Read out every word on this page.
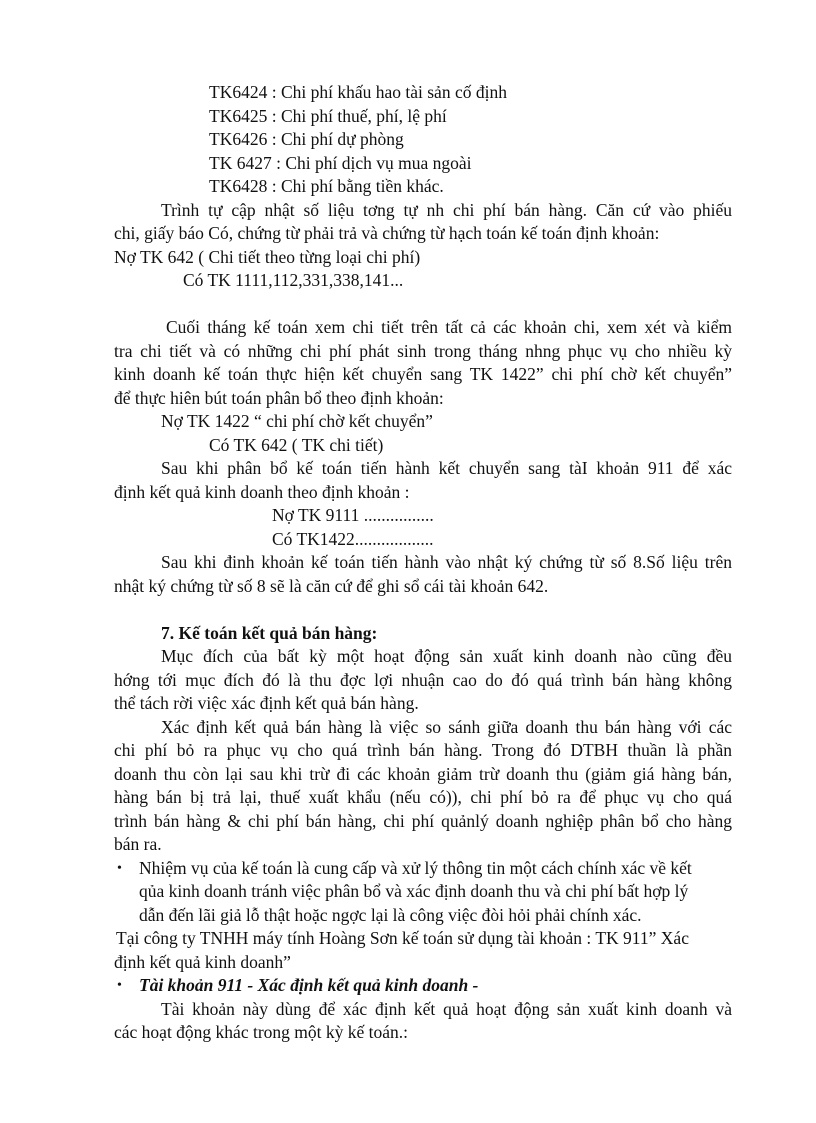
TK6424 : Chi phí khấu hao tài sản cố định
TK6425 : Chi phí thuế, phí, lệ phí
TK6426 : Chi phí dự phòng
TK 6427 : Chi phí dịch vụ mua ngoài
TK6428 : Chi phí bằng tiền khác.
Trình tự cập nhật số liệu tơng tự nh chi phí bán hàng. Căn cứ vào phiếu
chi, giấy báo Có, chứng từ phải trả và chứng từ hạch toán kế toán định khoản:
Nợ TK 642 ( Chi tiết theo từng loại chi phí)
Có TK 1111,112,331,338,141...
Cuối tháng kế toán xem chi tiết trên tất cả các khoản chi, xem xét và kiểm
tra chi tiết và có những chi phí phát sinh trong tháng nhng phục vụ cho nhiều kỳ
kinh doanh kế toán thực hiện kết chuyển sang TK 1422” chi phí chờ kết chuyển”
để thực hiên bút toán phân bổ theo định khoản:
Nợ TK 1422 “ chi phí chờ kết chuyển”
Có TK 642 ( TK chi tiết)
Sau khi phân bổ kế toán tiến hành kết chuyển sang tàI khoản 911 để xác
định kết quả kinh doanh theo định khoản :
Nợ TK 9111 ................
Có TK1422..................
Sau khi đinh khoản kế toán tiến hành vào nhật ký chứng từ số 8.Số liệu trên
nhật ký chứng từ số 8 sẽ là căn cứ để ghi sổ cái tài khoản 642.
7. Kế toán kết quả bán hàng:
Mục đích của bất kỳ một hoạt động sản xuất kinh doanh nào cũng đều
hớng tới mục đích đó là thu đợc lợi nhuận cao do đó quá trình bán hàng không
thể tách rời việc xác định kết quả bán hàng.
Xác định kết quả bán hàng là việc so sánh giữa doanh thu bán hàng với các
chi phí bỏ ra phục vụ cho quá trình bán hàng. Trong đó DTBH thuần là phần
doanh thu còn lại sau khi trừ đi các khoản giảm trừ doanh thu (giảm giá hàng bán,
hàng bán bị trả lại, thuế xuất khẩu (nếu có)), chi phí bỏ ra để phục vụ cho quá
trình bán hàng & chi phí bán hàng, chi phí quảnlý doanh nghiệp phân bổ cho hàng
bán ra.
• Nhiệm vụ của kế toán là cung cấp và xử lý thông tin một cách chính xác về kết
qủa kinh doanh tránh việc phân bổ và xác định doanh thu và chi phí bất hợp lý
dẫn đến lãi giả lỗ thật hoặc ngợc lại là công việc đòi hỏi phải chính xác.
Tại công ty TNHH máy tính Hoàng Sơn kế toán sử dụng tài khoản : TK 911” Xác
định kết quả kinh doanh”
• Tài khoản 911 - Xác định kết quả kinh doanh -
Tài khoản này dùng để xác định kết quả hoạt động sản xuất kinh doanh và
các hoạt động khác trong một kỳ kế toán.:
